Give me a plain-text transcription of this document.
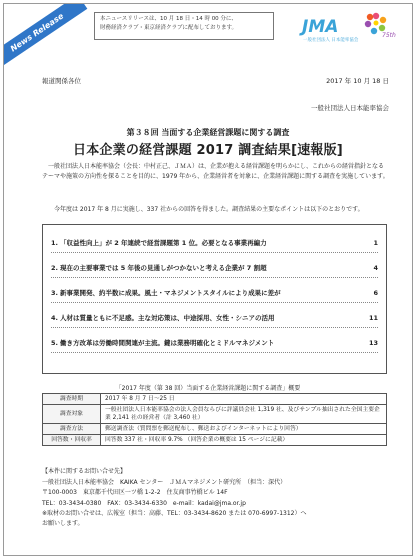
News Release	本ニュースリリースは、10 月 18 日・14 時 00 分に、
財務経済クラブ・東京経済クラブに配布しております。	JMA
一般社団法人 日本能率協会
75th
報道関係各位	2017 年 10 月 18 日
一般社団法人日本能率協会
第３８回 当面する企業経営課題に関する調査
日本企業の経営課題 2017 調査結果[速報版]
一般社団法人日本能率協会（会長：中村正己、ＪＭＡ）は、企業が抱える経営課題を明らかにし、これからの経営指針となるテーマや施策の方向性を探ることを目的に、1979 年から、企業経営者を対象に、企業経営課題に関する調査を実施しています。
今年度は 2017 年 8 月に実施し、337 社からの回答を得ました。調査結果の主要なポイントは以下のとおりです。
1. 「収益性向上」が 2 年連続で経営課題第 1 位。必要となる事業再編力	1
2. 現在の主要事業では 5 年後の見通しがつかないと考える企業が 7 割超	4
3. 新事業開発、約半数に成果。風土・マネジメントスタイルにより成果に差が	6
4. 人材は質量ともに不足感。主な対応策は、中途採用、女性・シニアの活用	11
5. 働き方改革は労働時間関連が主流。鍵は業務明確化とミドルマネジメント	13
「2017 年度（第 38 回）当面する企業経営課題に関する調査」概要
調査時期	2017 年 8 月 7 日～25 日
調査対象	一般社団法人日本能率協会の法人会員ならびに評議員会社 1,319 社、及びサンプル抽出された全国主要企業 2,141 社の経営者（計 3,460 社）
調査方法	郵送調査法（質問票を郵送配布し、郵送およびインターネットにより回答）
回答数・回収率	回答数 337 社・回収率 9.7% （回答企業の概要は 15 ページに記載）
【本件に関するお問い合せ先】
一般社団法人日本能率協会　KAIKA センター　ＪＭＡマネジメント研究所　（担当：深代）
〒100-0003　東京都千代田区一ツ橋 1-2-2　住友商事竹橋ビル 14F
TEL：03-3434-0380　FAX：03-3434-6330　e-mail：kadai@jma.or.jp
※取材のお問い合せは、広報室（担当：高藤、TEL：03-3434-8620 または 070-6997-1312）へ
お願いします。
